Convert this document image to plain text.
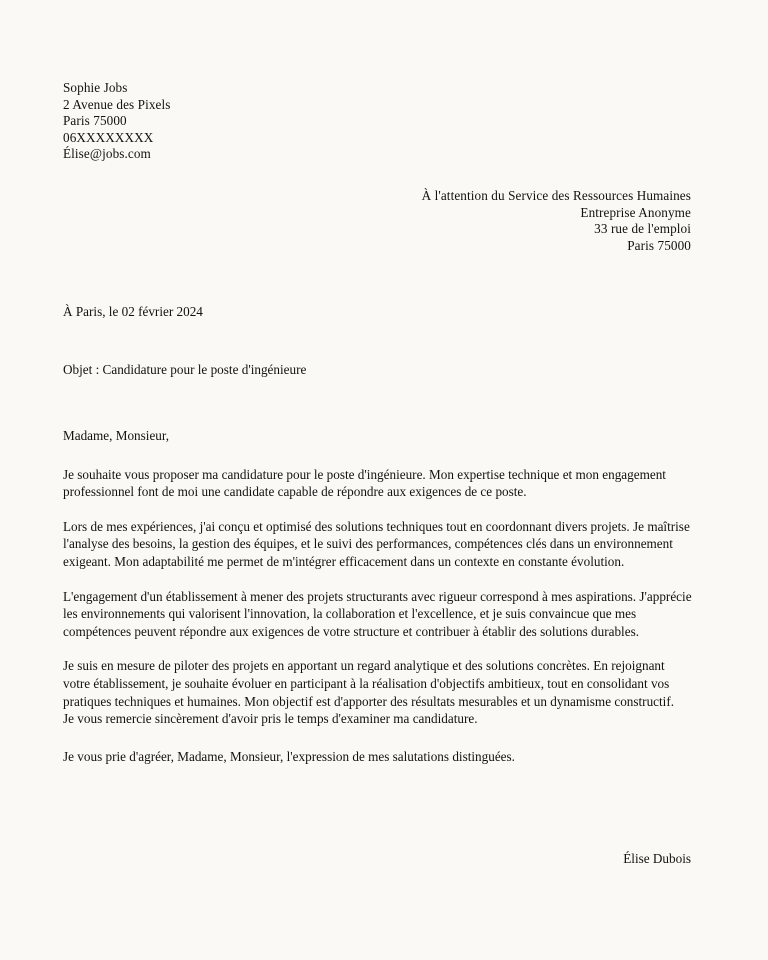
Sophie Jobs
2 Avenue des Pixels
Paris 75000
06XXXXXXXX
Élise@jobs.com
À l'attention du Service des Ressources Humaines
Entreprise Anonyme
33 rue de l'emploi
Paris 75000
À Paris, le 02 février 2024
Objet : Candidature pour le poste d'ingénieure

Madame, Monsieur,

Je souhaite vous proposer ma candidature pour le poste d'ingénieure. Mon expertise technique et mon engagement professionnel font de moi une candidate capable de répondre aux exigences de ce poste.

Lors de mes expériences, j'ai conçu et optimisé des solutions techniques tout en coordonnant divers projets. Je maîtrise l'analyse des besoins, la gestion des équipes, et le suivi des performances, compétences clés dans un environnement exigeant. Mon adaptabilité me permet de m'intégrer efficacement dans un contexte en constante évolution.

L'engagement d'un établissement à mener des projets structurants avec rigueur correspond à mes aspirations. J'apprécie les environnements qui valorisent l'innovation, la collaboration et l'excellence, et je suis convaincue que mes compétences peuvent répondre aux exigences de votre structure et contribuer à établir des solutions durables.

Je suis en mesure de piloter des projets en apportant un regard analytique et des solutions concrètes. En rejoignant votre établissement, je souhaite évoluer en participant à la réalisation d'objectifs ambitieux, tout en consolidant vos pratiques techniques et humaines. Mon objectif est d'apporter des résultats mesurables et un dynamisme constructif.

Je vous remercie sincèrement d'avoir pris le temps d'examiner ma candidature.

Je vous prie d'agréer, Madame, Monsieur, l'expression de mes salutations distinguées.

Élise Dubois
